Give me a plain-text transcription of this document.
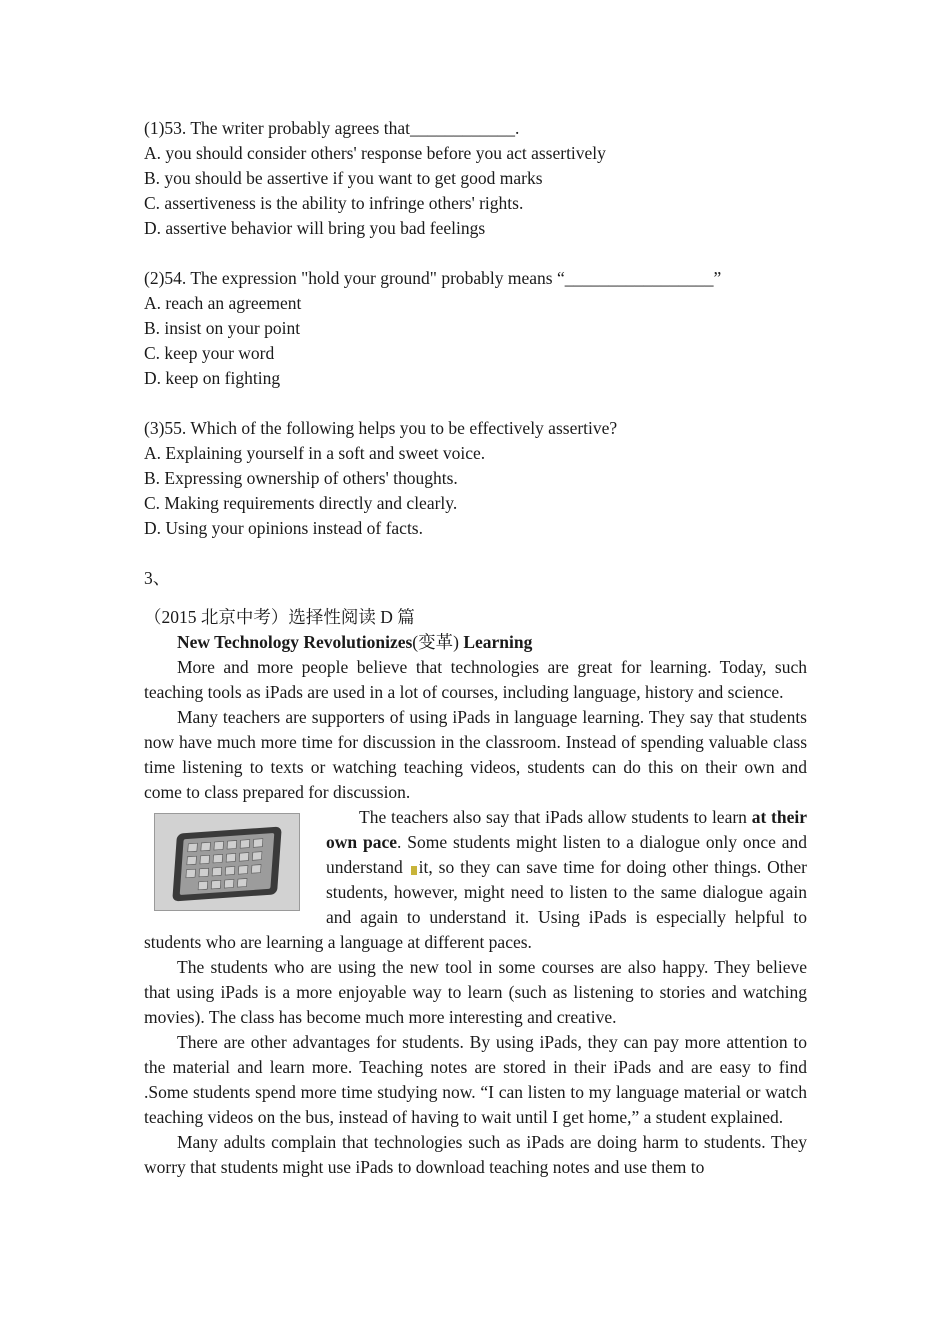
(1)53. The writer probably agrees that____________.

A. you should consider others' response before you act assertively

B. you should be assertive if you want to get good marks

C. assertiveness is the ability to infringe others' rights.

D. assertive behavior will bring you bad feelings

(2)54. The expression "hold your ground" probably means “_________________”

A. reach an agreement

B. insist on your point

C. keep your word

D. keep on fighting

(3)55. Which of the following helps you to be effectively assertive?

A. Explaining yourself in a soft and sweet voice.

B. Expressing ownership of others' thoughts.

C. Making requirements directly and clearly.

D. Using your opinions instead of facts.

3、

（2015 北京中考）选择性阅读 D 篇

New Technology Revolutionizes(变革) Learning

More and more people believe that technologies are great for learning. Today, such teaching tools as iPads are used in a lot of courses, including language, history and science.

Many teachers are supporters of using iPads in language learning. They say that students now have much more time for discussion in the classroom. Instead of spending valuable class time listening to texts or watching teaching videos, students can do this on their own and come to class prepared for discussion.

The teachers also say that iPads allow students to learn at their own pace. Some students might listen to a dialogue only once and understand it, so they can save time for doing other things. Other students, however, might need to listen to the same dialogue again and again to understand it. Using iPads is especially helpful to students who are learning a language at different paces.

The students who are using the new tool in some courses are also happy. They believe that using iPads is a more enjoyable way to learn (such as listening to stories and watching movies). The class has become much more interesting and creative.

There are other advantages for students. By using iPads, they can pay more attention to the material and learn more. Teaching notes are stored in their iPads and are easy to find .Some students spend more time studying now. “I can listen to my language material or watch teaching videos on the bus, instead of having to wait until I get home,” a student explained.

Many adults complain that technologies such as iPads are doing harm to students. They worry that students might use iPads to download teaching notes and use them to
